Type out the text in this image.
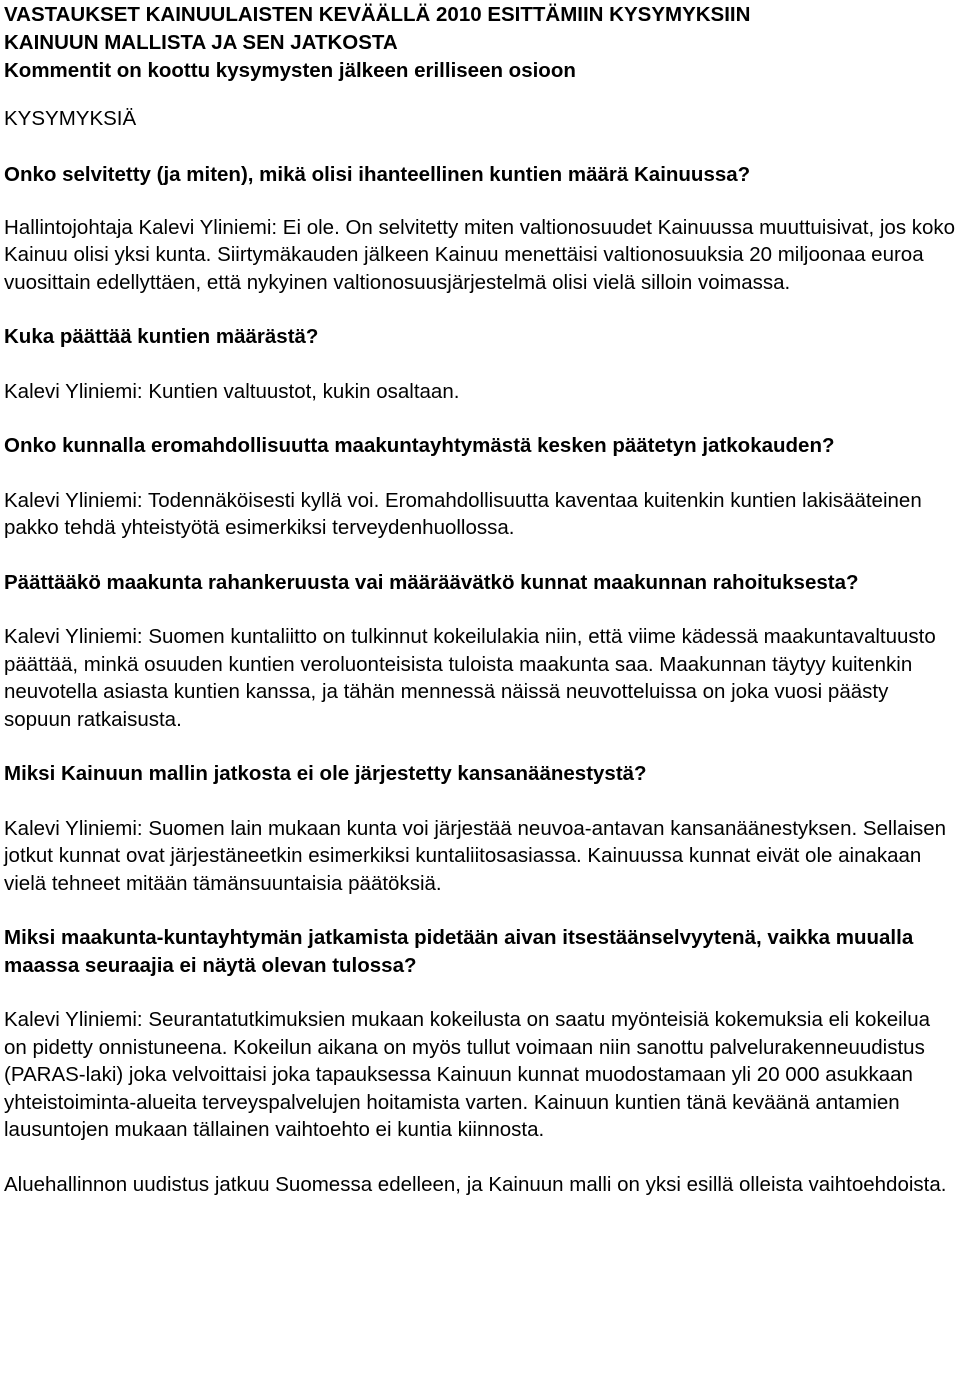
VASTAUKSET KAINUULAISTEN KEVÄÄLLÄ 2010 ESITTÄMIIN KYSYMYKSIIN
KAINUUN MALLISTA JA SEN JATKOSTA
Kommentit on koottu kysymysten jälkeen erilliseen osioon

KYSYMYKSIÄ

Onko selvitetty (ja miten), mikä olisi ihanteellinen kuntien määrä Kainuussa?

Hallintojohtaja Kalevi Yliniemi: Ei ole. On selvitetty miten valtionosuudet Kainuussa muuttuisivat, jos koko Kainuu olisi yksi kunta. Siirtymäkauden jälkeen Kainuu menettäisi valtionosuuksia 20 miljoonaa euroa vuosittain edellyttäen, että nykyinen valtionosuusjärjestelmä olisi vielä silloin voimassa.

Kuka päättää kuntien määrästä?

Kalevi Yliniemi: Kuntien valtuustot, kukin osaltaan.

Onko kunnalla eromahdollisuutta maakuntayhtymästä kesken päätetyn jatkokauden?

Kalevi Yliniemi: Todennäköisesti kyllä voi. Eromahdollisuutta kaventaa kuitenkin kuntien lakisääteinen pakko tehdä yhteistyötä esimerkiksi terveydenhuollossa.

Päättääkö maakunta rahankeruusta vai määräävätkö kunnat maakunnan rahoituksesta?

Kalevi Yliniemi: Suomen kuntaliitto on tulkinnut kokeilulakia niin, että viime kädessä maakuntavaltuusto päättää, minkä osuuden kuntien veroluonteisista tuloista maakunta saa. Maakunnan täytyy kuitenkin neuvotella asiasta kuntien kanssa, ja tähän mennessä näissä neuvotteluissa on joka vuosi päästy sopuun ratkaisusta.

Miksi Kainuun mallin jatkosta ei ole järjestetty kansanäänestystä?

Kalevi Yliniemi: Suomen lain mukaan kunta voi järjestää neuvoa-antavan kansanäänestyksen. Sellaisen jotkut kunnat ovat järjestäneetkin esimerkiksi kuntaliitosasiassa. Kainuussa kunnat eivät ole ainakaan vielä tehneet mitään tämänsuuntaisia päätöksiä.

Miksi maakunta-kuntayhtymän jatkamista pidetään aivan itsestäänselvyytenä, vaikka muualla maassa seuraajia ei näytä olevan tulossa?

Kalevi Yliniemi: Seurantatutkimuksien mukaan kokeilusta on saatu myönteisiä kokemuksia eli kokeilua on pidetty onnistuneena. Kokeilun aikana on myös tullut voimaan niin sanottu palvelurakenneuudistus (PARAS-laki) joka velvoittaisi joka tapauksessa Kainuun kunnat muodostamaan yli 20 000 asukkaan yhteistoiminta-alueita terveyspalvelujen hoitamista varten. Kainuun kuntien tänä keväänä antamien lausuntojen mukaan tällainen vaihtoehto ei kuntia kiinnosta.

Aluehallinnon uudistus jatkuu Suomessa edelleen, ja Kainuun malli on yksi esillä olleista vaihtoehdoista.
